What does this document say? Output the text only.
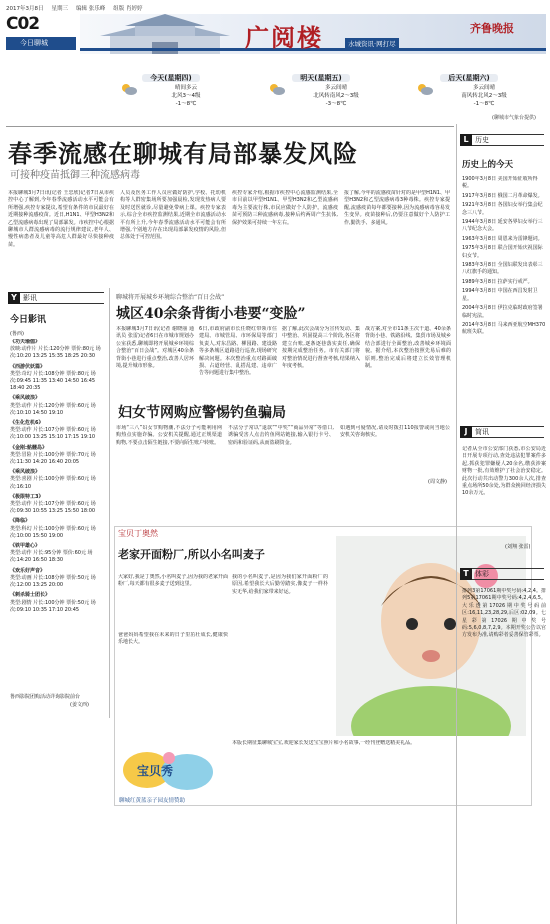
2017年3月8日 星期三 编辑 张乐峰 组版 肖婷婷
C02
今日聊城	广阅楼	水城资讯·网打尽
齐鲁晚报
今天(星期四)
晴间多云
北风3～4级
-1～8℃
明天(星期五)
多云间晴
北风转南风2～3级
-3～8℃
后天(星期六)
多云间晴
南风转北风2～3级
-1～8℃
(聊城市气象台提供)
春季流感在聊城有局部暴发风险
可接种疫苗抵御三种流感病毒
本报聊城3月7日讯(记者 王忠欣)记者7日从市疾控中心了解到,今年春季流感活动水平可能会有所增强,疾控专家提议,希望有条件的市民最好在近期接种流感疫苗。近日,H1N1、甲型H3N2和乙型流感病毒出现了局部暴发。市疾控中心根据聊城市人群流感病毒的流行规律建议,老年人、慢性病患者及儿童等高危人群最好尽快接种疫苗。
人员及医务工作人员应做好防护,学校、托幼机构等人群密集场所要加强晨检,发现发热病人要及时送医就诊,尽量避免带病上课。疾控专家表示,综合全市疾控监测结果,近期全市流感活动水平有所上升,今年春季流感活动水平可能会有所增强,个别地方存在出现局部暴发疫情的风险,但总体处于可控范围。
疾控专家介绍,根据市疾控中心流感监测结果,全市目前以甲型H1N1、甲型H3N2和乙型流感病毒为主要流行株,市民应做好个人防护。流感疫苗可预防三种流感病毒,接种后约两周产生抗体,保护效果可持续一年左右。
报了解,今年的流感疫苗针对的是甲型H1N1、甲型H3N2和乙型流感病毒3种毒株。疾控专家提醒,流感疫苗每年都要接种,因为流感病毒容易发生变异。疫苗接种后,仍要注意做好个人防护工作,勤洗手、多通风。
Y 影讯
今日影讯
(鲁西)
《功夫瑜伽》
放映:动作片 片长:120分钟 票价:80元 场次:10:20 13:25 15:35 18:25 20:30
《西游伏妖篇》
类型:奇幻 片长:108分钟 票价:80元 场次:09:45 11:35 13:40 14:50 16:45 18:40 20:35
《乘风破浪》
类型:动作 片长:120分钟 票价:60元 场次:10:10 14:50 19:10
《生化危机6》
类型:动作 片长:107分钟 票价:60元 场次:10:00 13:25 15:10 17:15 19:10
《金刚:骷髅岛》
类型:冒险 片长:100分钟 票价:70元 场次:11:30 14:20 16:40 20:05
《乘风破浪》
类型:喜剧 片长:100分钟 票价:60元 场次:16:10
《极限特工3》
类型:动作 片长:107分钟 票价:60元 场次:09:30 10:55 13:25 15:50 18:00
《降临》
类型:科幻 片长:100分钟 票价:60元 场次:10:00 15:50 19:00
《铁甲雄心》
类型:动作 片长:95分钟 票价:60元 场次:14:20 16:50 18:30
《欢乐好声音》
类型:动画 片长:108分钟 票价:50元 场次:12:00 13:25 20:00
《刺杀骑士团长》
类型:剧情 片长:100分钟 票价:50元 场次:09:10 10:35 17:10 20:45
鲁西影院团购活动详询影院前台
(姜文西)
聊城将开展城乡环境综合整治“百日会战”
城区40余条背街小巷要“变脸”
本报聊城3月7日讯(记者 谢晓丽 通讯员 张雷)记者6日在市城市规划办公室获悉,聊城即将开展城乡环境综合整治“百日会战”。对城区40余条背街小巷进行重点整治,改善人居环境,提升城市形象。
6日,市政府副市长任晓红带领市住建局、市城管局、市环保局等部门负责人,对东昌路、柳园路、建设路等多条城区道路进行巡查,现场研究解决问题。本次整治重点对路面破损、占道经营、乱搭乱建、违章广告等问题进行集中整治。
据了解,此次会战分为宣传发动、集中整治、巩固提高三个阶段,各区将建立台账,逐条逐巷落实责任,确保按期完成整治任务。市有关部门将对整治情况进行督查考核,结果纳入年度考核。
战方案,对全市11条主次干道、40余条背街小巷、铁路沿线、集贸市场及城乡结合部进行全面整治,改善城乡环境面貌。据介绍,本次整治按照先易后难的原则,整治完成后将建立长效管理机制。
妇女节网购应警惕钓鱼骗局
市场“三八”妇女节购物潮,不法分子可能利用网购热点实施诈骗。公安机关提醒,通过正规渠道购物,不要点击陌生链接,不要向陌生账户转账。
不法分子常以“退款”“中奖”“商品异常”等借口,诱骗受害人点击钓鱼网站链接,输入银行卡号、密码和验证码,从而盗刷资金。
如遇到可疑情况,请及时拨打110报警或向当地公安机关咨询核实。
(周文静)
宝贝丁奥然
老家开面粉厂,所以小名叫麦子
大家好,我是丁奥然,小名叫麦子,因为我的老家开面粉厂,每天都有很多麦子送到这里。
爸爸妈妈希望我在未来的日子里茁壮成长,健康快乐地长大。
我的小名叫麦子,是因为我们家开面粉厂的原因,希望我长大后勤劳踏实,像麦子一样朴实无华,给我们家带来好运。
本版长期征集聊城宝宝,欢迎家长发送宝宝照片和小名故事,一经刊登赠送精美礼品。
宝贝秀
聊城红黄蓝亲子园友情赞助
L 历史
历史上的今天
1900年3月8日 美国开始征收所得税。
1917年3月8日 俄国二月革命爆发。
1921年3月8日 各国妇女举行集会纪念三八节。
1944年3月8日 延安各界妇女举行三八节纪念大会。
1963年3月8日 周恩来为雷锋题词。
1975年3月8日 联合国开始庆祝国际妇女节。
1983年3月8日 全国妇联发出表彰三八红旗手的通知。
1989年3月8日 拉萨实行戒严。
1994年3月8日 中国在西昌发射卫星。
2004年3月8日 伊拉克临时政府签署临时宪法。
2014年3月8日 马来西亚航空MH370航班失联。
J	简讯
记者从全市公安部门获悉,市公安局近日开展专项行动,查处违法犯罪案件多起,抓获犯罪嫌疑人20余名,缴获涉案财物一批,有效维护了社会治安稳定。此次行动共出动警力300余人次,排查重点场所50余处,为群众挽回经济损失10余万元。
(刘翔 张雷)
T 体彩
排列3第17061期中奖号码:4,2,4。排列5第17061期中奖号码:4,2,4,6,5。大乐透第17026期中奖号码前区:16,11,23,28,29,后区:02,09。七星彩第17026期中奖号码:5,6,0,8,7,2,9。本期开奖公告以官方发布为准,请购彩者妥善保管彩票。
